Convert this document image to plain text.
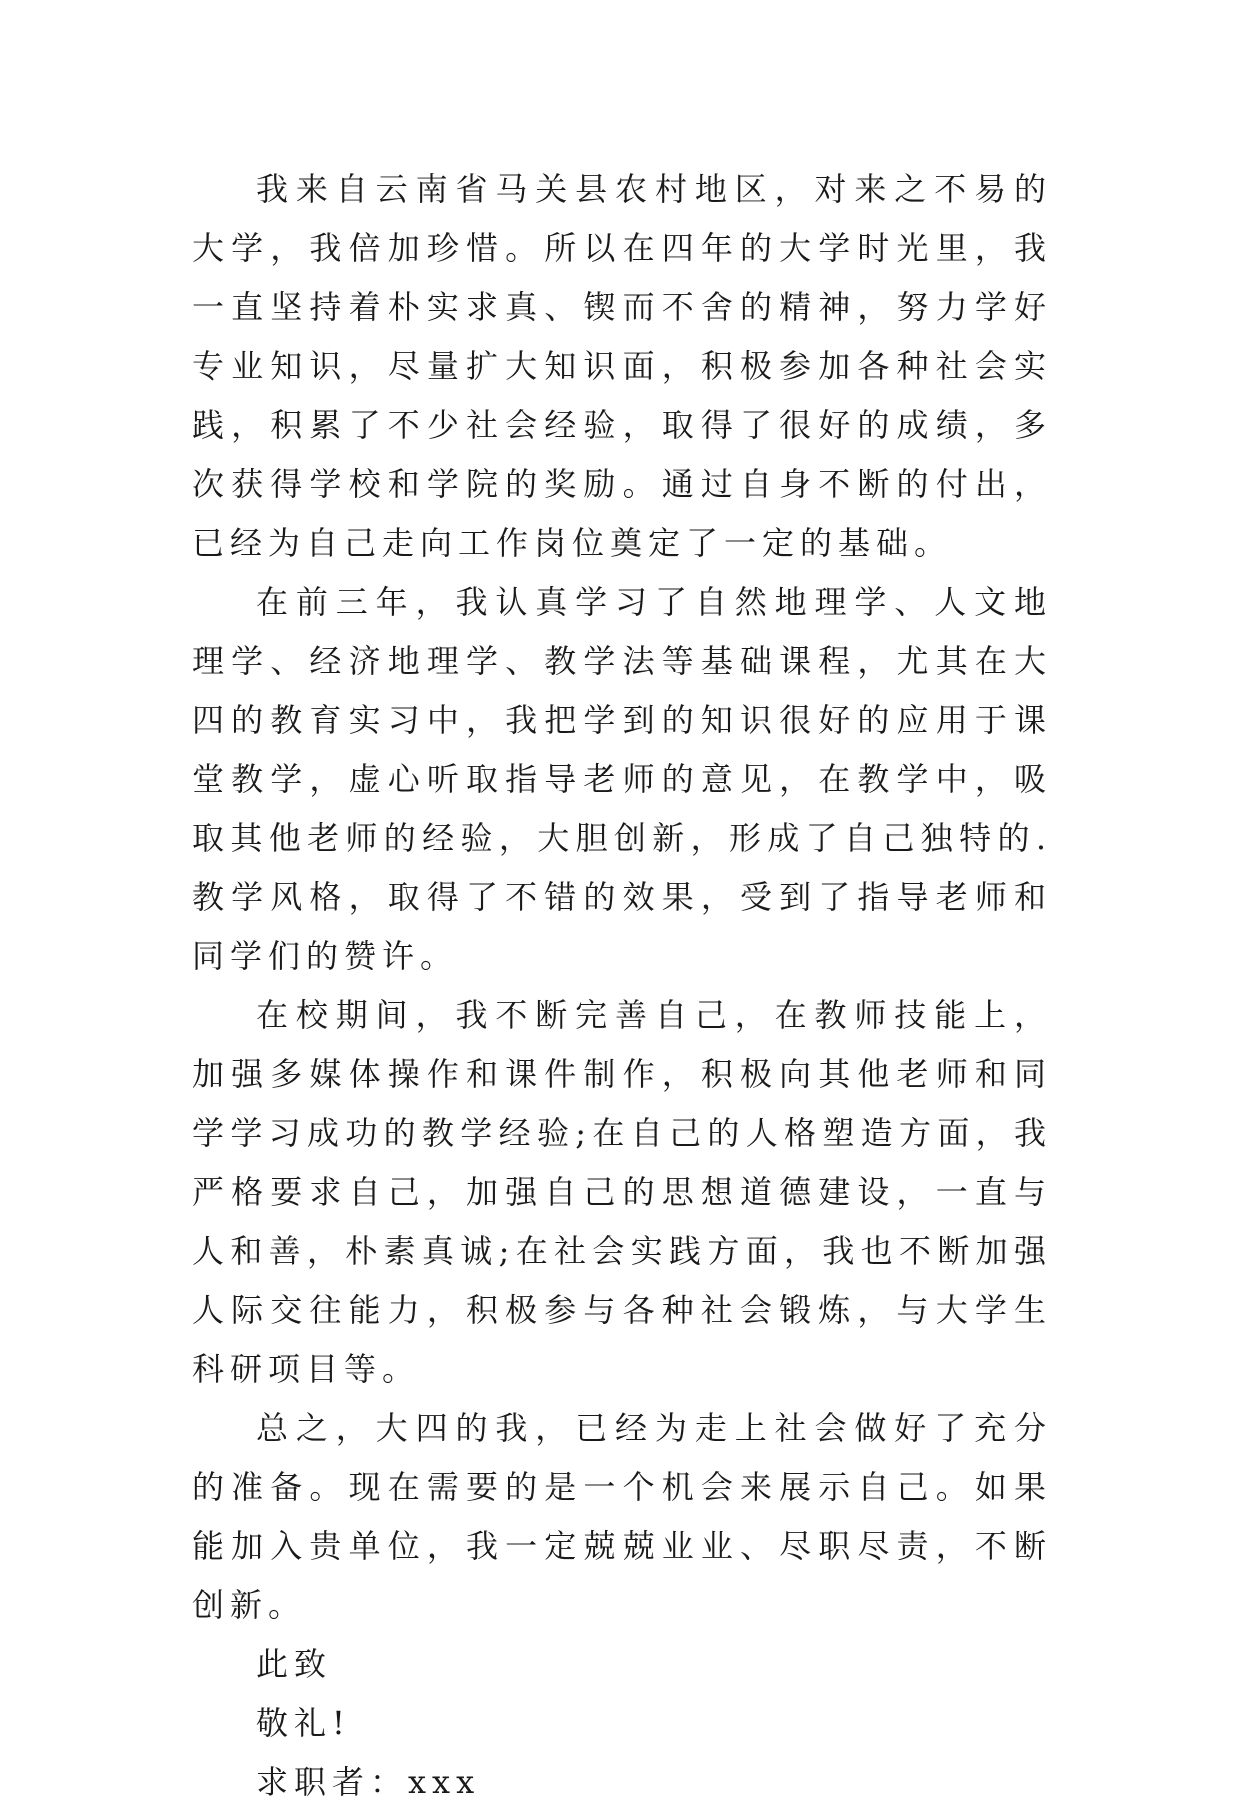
我来自云南省马关县农村地区，对来之不易的大学，我倍加珍惜。所以在四年的大学时光里，我一直坚持着朴实求真、锲而不舍的精神，努力学好专业知识，尽量扩大知识面，积极参加各种社会实践，积累了不少社会经验，取得了很好的成绩，多次获得学校和学院的奖励。通过自身不断的付出，已经为自己走向工作岗位奠定了一定的基础。

在前三年，我认真学习了自然地理学、人文地理学、经济地理学、教学法等基础课程，尤其在大四的教育实习中，我把学到的知识很好的应用于课堂教学，虚心听取指导老师的意见，在教学中，吸取其他老师的经验，大胆创新，形成了自己独特的.教学风格，取得了不错的效果，受到了指导老师和同学们的赞许。

在校期间，我不断完善自己，在教师技能上，加强多媒体操作和课件制作，积极向其他老师和同学学习成功的教学经验;在自己的人格塑造方面，我严格要求自己，加强自己的思想道德建设，一直与人和善，朴素真诚;在社会实践方面，我也不断加强人际交往能力，积极参与各种社会锻炼，与大学生科研项目等。

总之，大四的我，已经为走上社会做好了充分的准备。现在需要的是一个机会来展示自己。如果能加入贵单位，我一定兢兢业业、尽职尽责，不断创新。

此致

敬礼!

求职者：xxx
